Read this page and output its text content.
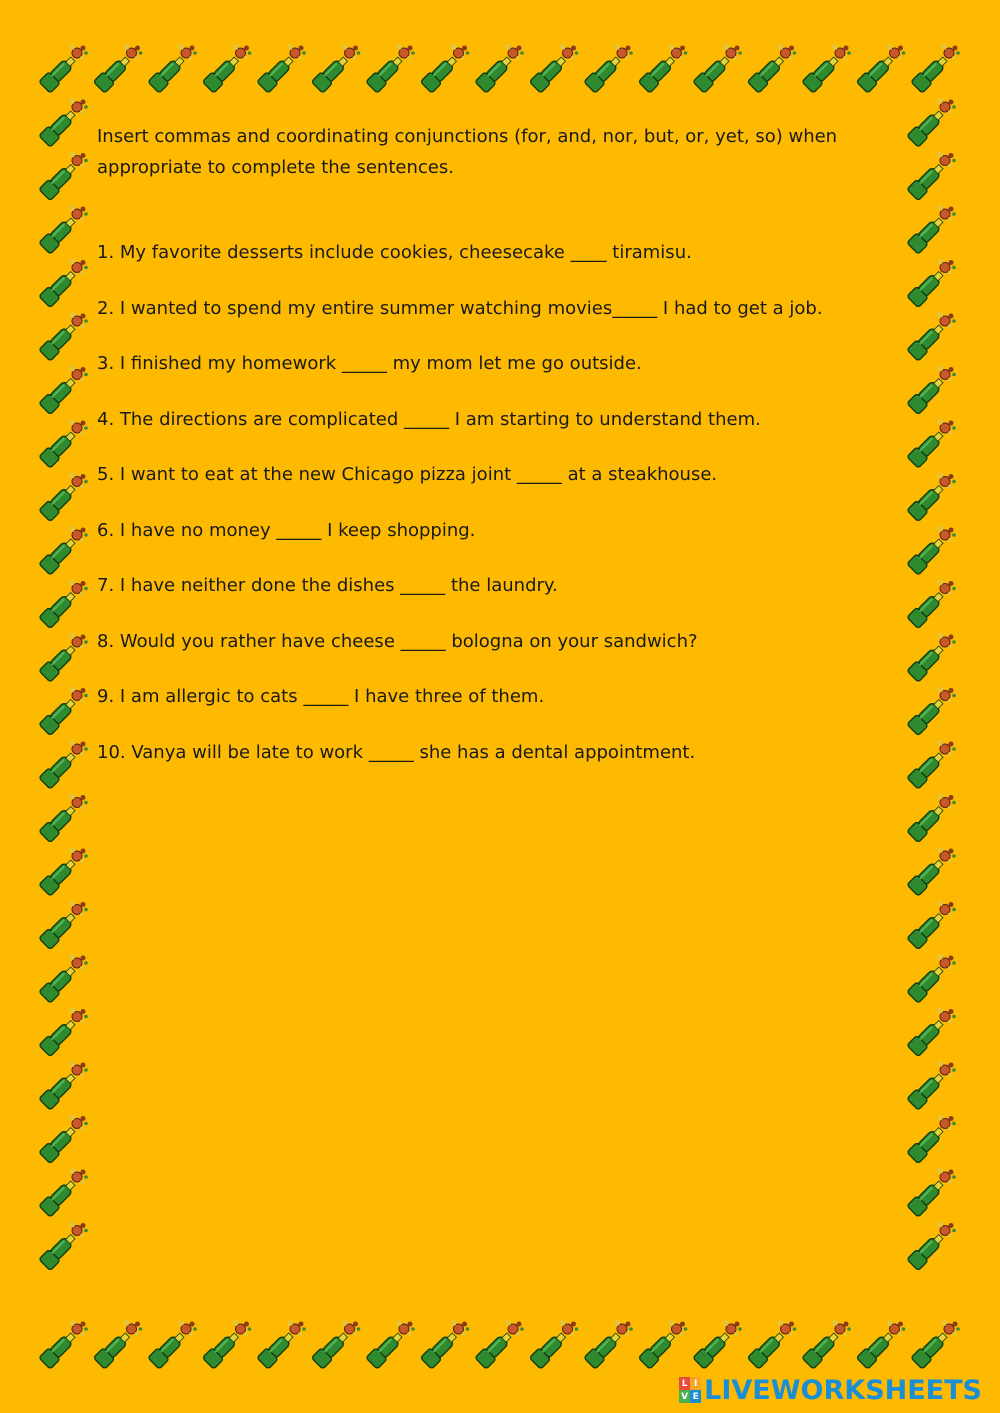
Insert commas and coordinating conjunctions (for, and, nor, but, or, yet, so) when appropriate to complete the sentences.

1. My favorite desserts include cookies, cheesecake ____ tiramisu.
2. I wanted to spend my entire summer watching movies_____ I had to get a job.
3. I finished my homework _____ my mom let me go outside.
4. The directions are complicated _____ I am starting to understand them.
5. I want to eat at the new Chicago pizza joint _____ at a steakhouse.
6. I have no money _____ I keep shopping.
7. I have neither done the dishes _____ the laundry.
8. Would you rather have cheese _____ bologna on your sandwich?
9. I am allergic to cats _____ I have three of them.
10. Vanya will be late to work _____ she has a dental appointment.
L I
V E LIVEWORKSHEETS
